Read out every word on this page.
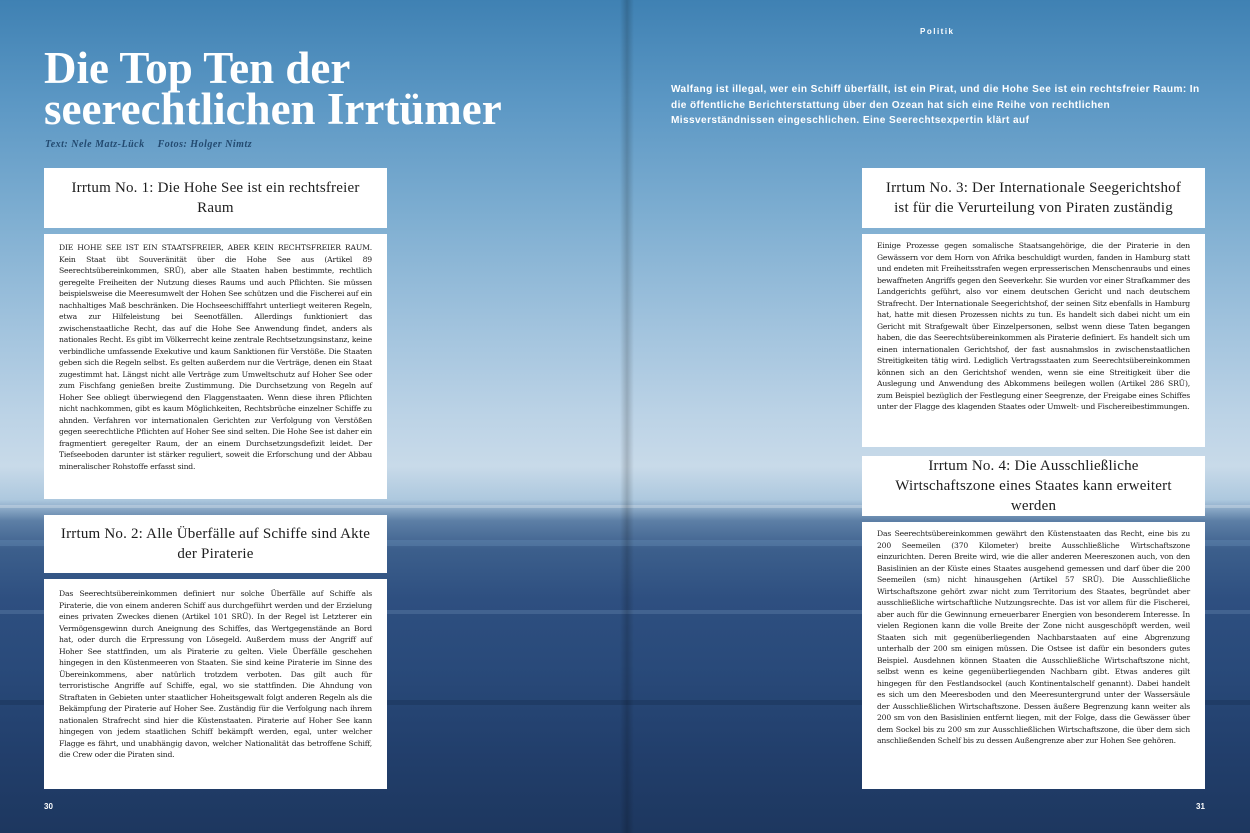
Die Top Ten der
seerechtlichen Irrtümer
Text: Nele Matz-Lück Fotos: Holger Nimtz
Politik

Walfang ist illegal, wer ein Schiff überfällt, ist ein Pirat, und die Hohe See ist ein rechtsfreier Raum: In die öffentliche Berichterstattung über den Ozean hat sich eine Reihe von rechtlichen Missverständnissen eingeschlichen. Eine Seerechtsexpertin klärt auf

Irrtum No. 1: Die Hohe See ist ein rechtsfreier Raum

DIE HOHE SEE IST EIN STAATSFREIER, ABER KEIN RECHTSFREIER RAUM. Kein Staat übt Souveränität über die Hohe See aus (Artikel 89 Seerechtsübereinkommen, SRÜ), aber alle Staaten haben bestimmte, rechtlich geregelte Freiheiten der Nutzung dieses Raums und auch Pflichten. Sie müssen beispielsweise die Meeresumwelt der Hohen See schützen und die Fischerei auf ein nachhaltiges Maß beschränken. Die Hochseeschifffahrt unterliegt weiteren Regeln, etwa zur Hilfeleistung bei Seenotfällen. Allerdings funktioniert das zwischenstaatliche Recht, das auf die Hohe See Anwendung findet, anders als nationales Recht. Es gibt im Völkerrecht keine zentrale Rechtsetzungsinstanz, keine verbindliche umfassende Exekutive und kaum Sanktionen für Verstöße. Die Staaten geben sich die Regeln selbst. Es gelten außerdem nur die Verträge, denen ein Staat zugestimmt hat. Längst nicht alle Verträge zum Umweltschutz auf Hoher See oder zum Fischfang genießen breite Zustimmung. Die Durchsetzung von Regeln auf Hoher See obliegt überwiegend den Flaggenstaaten. Wenn diese ihren Pflichten nicht nachkommen, gibt es kaum Möglichkeiten, Rechtsbrüche einzelner Schiffe zu ahnden. Verfahren vor internationalen Gerichten zur Verfolgung von Verstößen gegen seerechtliche Pflichten auf Hoher See sind selten. Die Hohe See ist daher ein fragmentiert geregelter Raum, der an einem Durchsetzungsdefizit leidet. Der Tiefseeboden darunter ist stärker reguliert, soweit die Erforschung und der Abbau mineralischer Rohstoffe erfasst sind.

Irrtum No. 2: Alle Überfälle auf Schiffe sind Akte der Piraterie

Das Seerechtsübereinkommen definiert nur solche Überfälle auf Schiffe als Piraterie, die von einem anderen Schiff aus durchgeführt werden und der Erzielung eines privaten Zweckes dienen (Artikel 101 SRÜ). In der Regel ist Letzterer ein Vermögensgewinn durch Aneignung des Schiffes, das Wertgegenstände an Bord hat, oder durch die Erpressung von Lösegeld. Außerdem muss der Angriff auf Hoher See stattfinden, um als Piraterie zu gelten. Viele Überfälle geschehen hingegen in den Küstenmeeren von Staaten. Sie sind keine Piraterie im Sinne des Übereinkommens, aber natürlich trotzdem verboten. Das gilt auch für terroristische Angriffe auf Schiffe, egal, wo sie stattfinden. Die Ahndung von Straftaten in Gebieten unter staatlicher Hoheitsgewalt folgt anderen Regeln als die Bekämpfung der Piraterie auf Hoher See. Zuständig für die Verfolgung nach ihrem nationalen Strafrecht sind hier die Küstenstaaten. Piraterie auf Hoher See kann hingegen von jedem staatlichen Schiff bekämpft werden, egal, unter welcher Flagge es fährt, und unabhängig davon, welcher Nationalität das betroffene Schiff, die Crew oder die Piraten sind.

Irrtum No. 3: Der Internationale Seegerichtshof ist für die Verurteilung von Piraten zuständig

Einige Prozesse gegen somalische Staatsangehörige, die der Piraterie in den Gewässern vor dem Horn von Afrika beschuldigt wurden, fanden in Hamburg statt und endeten mit Freiheitsstrafen wegen erpresserischen Menschenraubs und eines bewaffneten Angriffs gegen den Seeverkehr. Sie wurden vor einer Strafkammer des Landgerichts geführt, also vor einem deutschen Gericht und nach deutschem Strafrecht. Der Internationale Seegerichtshof, der seinen Sitz ebenfalls in Hamburg hat, hatte mit diesen Prozessen nichts zu tun. Es handelt sich dabei nicht um ein Gericht mit Strafgewalt über Einzelpersonen, selbst wenn diese Taten begangen haben, die das Seerechtsübereinkommen als Piraterie definiert. Es handelt sich um einen internationalen Gerichtshof, der fast ausnahmslos in zwischenstaatlichen Streitigkeiten tätig wird. Lediglich Vertragsstaaten zum Seerechtsübereinkommen können sich an den Gerichtshof wenden, wenn sie eine Streitigkeit über die Auslegung und Anwendung des Abkommens beilegen wollen (Artikel 286 SRÜ), zum Beispiel bezüglich der Festlegung einer Seegrenze, der Freigabe eines Schiffes unter der Flagge des klagenden Staates oder Umwelt- und Fischereibestimmungen.

Irrtum No. 4: Die Ausschließliche Wirtschaftszone eines Staates kann erweitert werden

Das Seerechtsübereinkommen gewährt den Küstenstaaten das Recht, eine bis zu 200 Seemeilen (370 Kilometer) breite Ausschließliche Wirtschaftszone einzurichten. Deren Breite wird, wie die aller anderen Meereszonen auch, von den Basislinien an der Küste eines Staates ausgehend gemessen und darf über die 200 Seemeilen (sm) nicht hinausgehen (Artikel 57 SRÜ). Die Ausschließliche Wirtschaftszone gehört zwar nicht zum Territorium des Staates, begründet aber ausschließliche wirtschaftliche Nutzungsrechte. Das ist vor allem für die Fischerei, aber auch für die Gewinnung erneuerbarer Energien von besonderem Interesse. In vielen Regionen kann die volle Breite der Zone nicht ausgeschöpft werden, weil Staaten sich mit gegenüberliegenden Nachbarstaaten auf eine Abgrenzung unterhalb der 200 sm einigen müssen. Die Ostsee ist dafür ein besonders gutes Beispiel. Ausdehnen können Staaten die Ausschließliche Wirtschaftszone nicht, selbst wenn es keine gegenüberliegenden Nachbarn gibt. Etwas anderes gilt hingegen für den Festlandsockel (auch Kontinentalschelf genannt). Dabei handelt es sich um den Meeresboden und den Meeresuntergrund unter der Wassersäule der Ausschließlichen Wirtschaftszone. Dessen äußere Begrenzung kann weiter als 200 sm von den Basislinien entfernt liegen, mit der Folge, dass die Gewässer über dem Sockel bis zu 200 sm zur Ausschließlichen Wirtschaftszone, die über dem sich anschließenden Schelf bis zu dessen Außengrenze aber zur Hohen See gehören.

30	31
